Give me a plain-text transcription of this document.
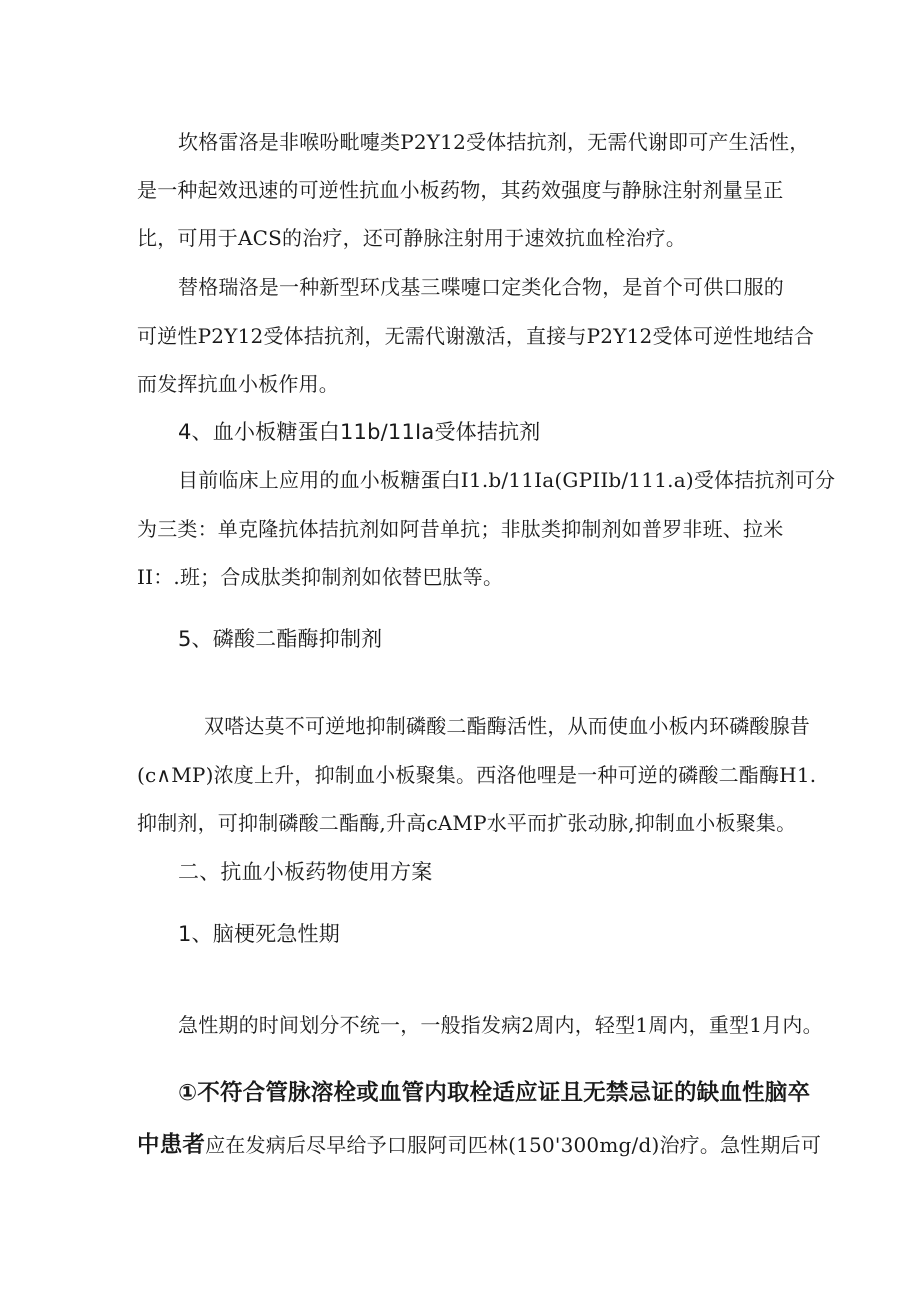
坎格雷洛是非喉吩毗嚏类P2Y12受体拮抗剂，无需代谢即可产生活性，
是一种起效迅速的可逆性抗血小板药物，其药效强度与静脉注射剂量呈正
比，可用于ACS的治疗，还可静脉注射用于速效抗血栓治疗。
替格瑞洛是一种新型环戊基三喋嚏口定类化合物，是首个可供口服的
可逆性P2Y12受体拮抗剂，无需代谢激活，直接与P2Y12受体可逆性地结合
而发挥抗血小板作用。
4、血小板糖蛋白11b∕11Ia受体拮抗剂
目前临床上应用的血小板糖蛋白I1.b∕11Ia(GPIIb∕111.a)受体拮抗剂可分
为三类：单克隆抗体拮抗剂如阿昔单抗；非肽类抑制剂如普罗非班、拉米
II：.班；合成肽类抑制剂如依替巴肽等。
5、磷酸二酯酶抑制剂
双嗒达莫不可逆地抑制磷酸二酯酶活性，从而使血小板内环磷酸腺昔
(c∧MP)浓度上升，抑制血小板聚集。西洛他哩是一种可逆的磷酸二酯酶H1.
抑制剂，可抑制磷酸二酯酶,升高cAMP水平而扩张动脉,抑制血小板聚集。
二、抗血小板药物使用方案
1、脑梗死急性期
急性期的时间划分不统一，一般指发病2周内，轻型1周内，重型1月内。
①不符合管脉溶栓或血管内取栓适应证且无禁忌证的缺血性脑卒
中患者应在发病后尽早给予口服阿司匹林(150'300mg∕d)治疗。急性期后可
